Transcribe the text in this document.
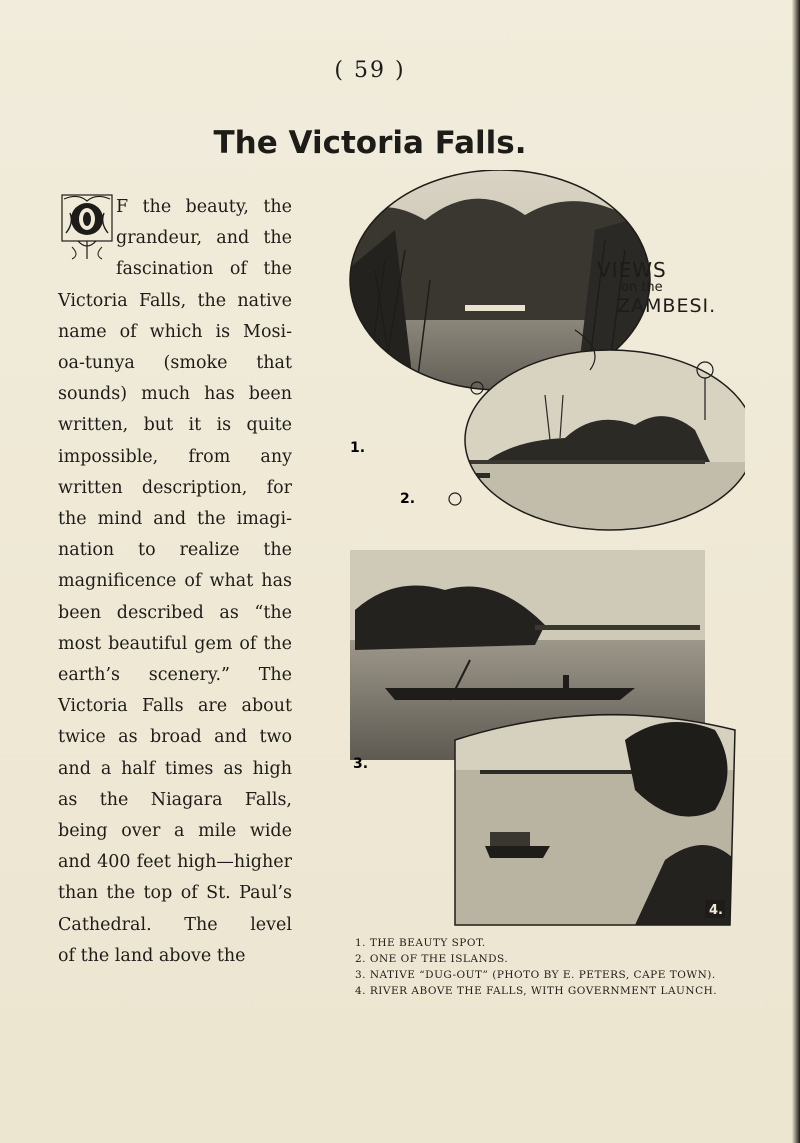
( 59 )
The Victoria Falls.
O

F the beauty, the

grandeur, and the

fascination of the

Victoria Falls, the native

name of which is Mosi-

oa-tunya (smoke that

sounds) much has been

written, but it is quite

impossible, from any

written description, for

the mind and the imagi-

nation to realize the

magnificence of what has

been described as “the

most beautiful gem of the

earth’s scenery.” The

Victoria Falls are about

twice as broad and two

and a half times as high

as the Niagara Falls,

being over a mile wide

and 400 feet high—higher

than the top of St. Paul’s

Cathedral. The level

of the land above the

1.
2.
3.
4.
VIEWS
on the
ZAMBESI.
1. THE BEAUTY SPOT.
2. ONE OF THE ISLANDS.
3. NATIVE “DUG-OUT” (PHOTO BY E. PETERS, CAPE TOWN).
4. RIVER ABOVE THE FALLS, WITH GOVERNMENT LAUNCH.
